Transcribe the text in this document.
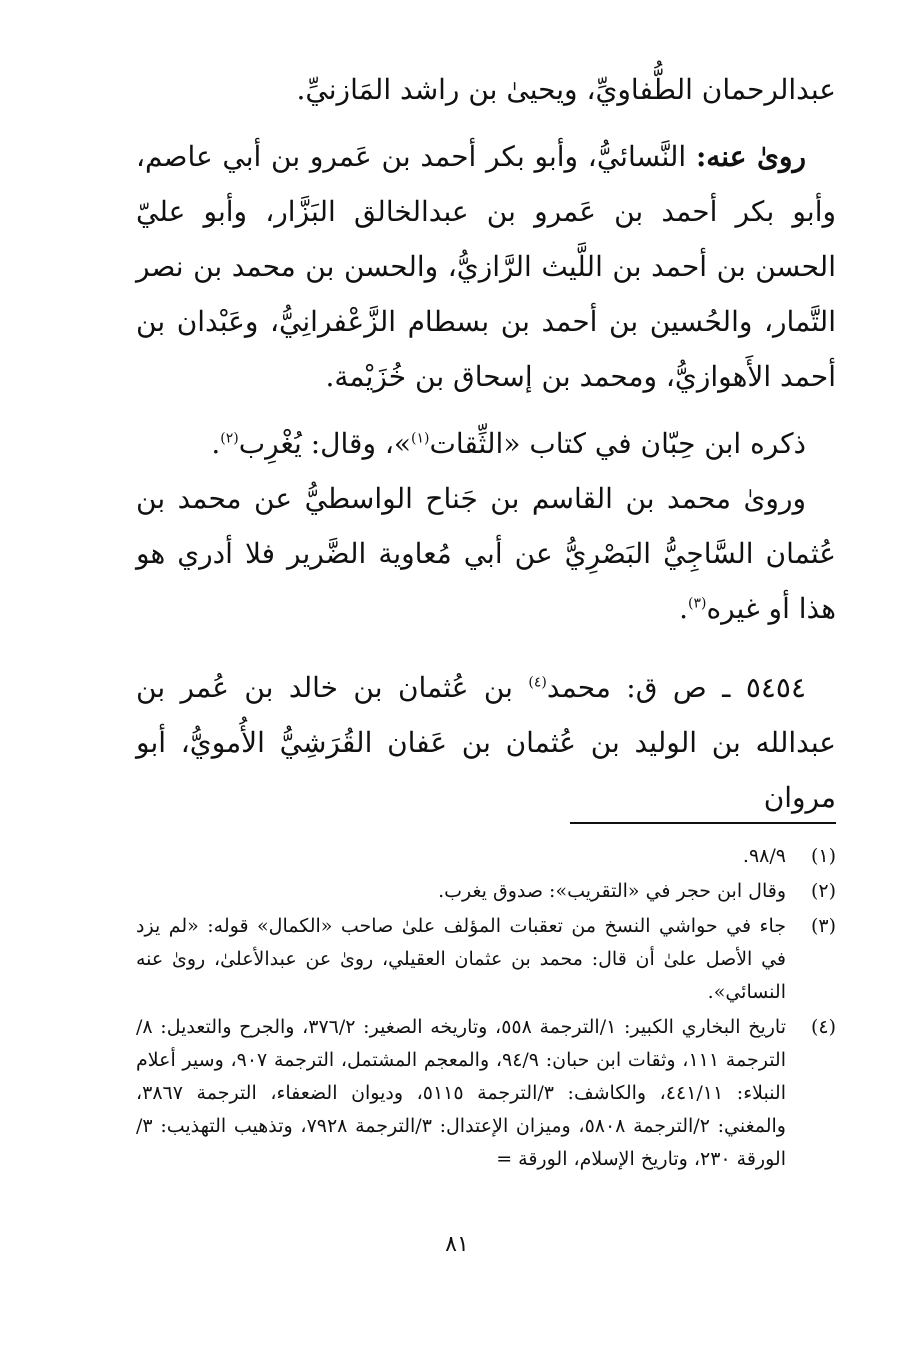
عبدالرحمان الطُّفاويِّ، ويحيىٰ بن راشد المَازنيِّ.

روىٰ عنه: النَّسائيُّ، وأبو بكر أحمد بن عَمرو بن أبي عاصم، وأبو بكر أحمد بن عَمرو بن عبدالخالق البَزَّار، وأبو عليّ الحسن بن أحمد بن اللَّيث الرَّازيُّ، والحسن بن محمد بن نصر التَّمار، والحُسين بن أحمد بن بسطام الزَّعْفرانِيُّ، وعَبْدان بن أحمد الأَهوازيُّ، ومحمد بن إسحاق بن خُزَيْمة.

ذكره ابن حِبّان في كتاب «الثِّقات$^{(١)}$»، وقال: يُغْرِب$^{(٢)}$.

وروىٰ محمد بن القاسم بن جَناح الواسطيُّ عن محمد بن عُثمان السَّاجِيُّ البَصْرِيُّ عن أبي مُعاوية الضَّرير فلا أدري هو هذا أو غيره$^{(٣)}$.

٥٤٥٤ ـ ص ق: محمد$^{(٤)}$ بن عُثمان بن خالد بن عُمر بن عبدالله بن الوليد بن عُثمان بن عَفان القُرَشِيُّ الأُمويُّ، أبو مروان

(١)
٩٨/٩.
(٢)
وقال ابن حجر في «التقريب»: صدوق يغرب.
(٣)
جاء في حواشي النسخ من تعقبات المؤلف علىٰ صاحب «الكمال» قوله: «لم يزد في الأصل علىٰ أن قال: محمد بن عثمان العقيلي، روىٰ عن عبدالأعلىٰ، روىٰ عنه النسائي».
(٤)
تاريخ البخاري الكبير: ١/الترجمة ٥٥٨، وتاريخه الصغير: ٣٧٦/٢، والجرح والتعديل: ٨/الترجمة ١١١، وثقات ابن حبان: ٩٤/٩، والمعجم المشتمل، الترجمة ٩٠٧، وسير أعلام النبلاء: ٤٤١/١١، والكاشف: ٣/الترجمة ٥١١٥، وديوان الضعفاء، الترجمة ٣٨٦٧، والمغني: ٢/الترجمة ٥٨٠٨، وميزان الإعتدال: ٣/الترجمة ٧٩٢٨، وتذهيب التهذيب: ٣/الورقة ٢٣٠، وتاريخ الإسلام، الورقة =
٨١
